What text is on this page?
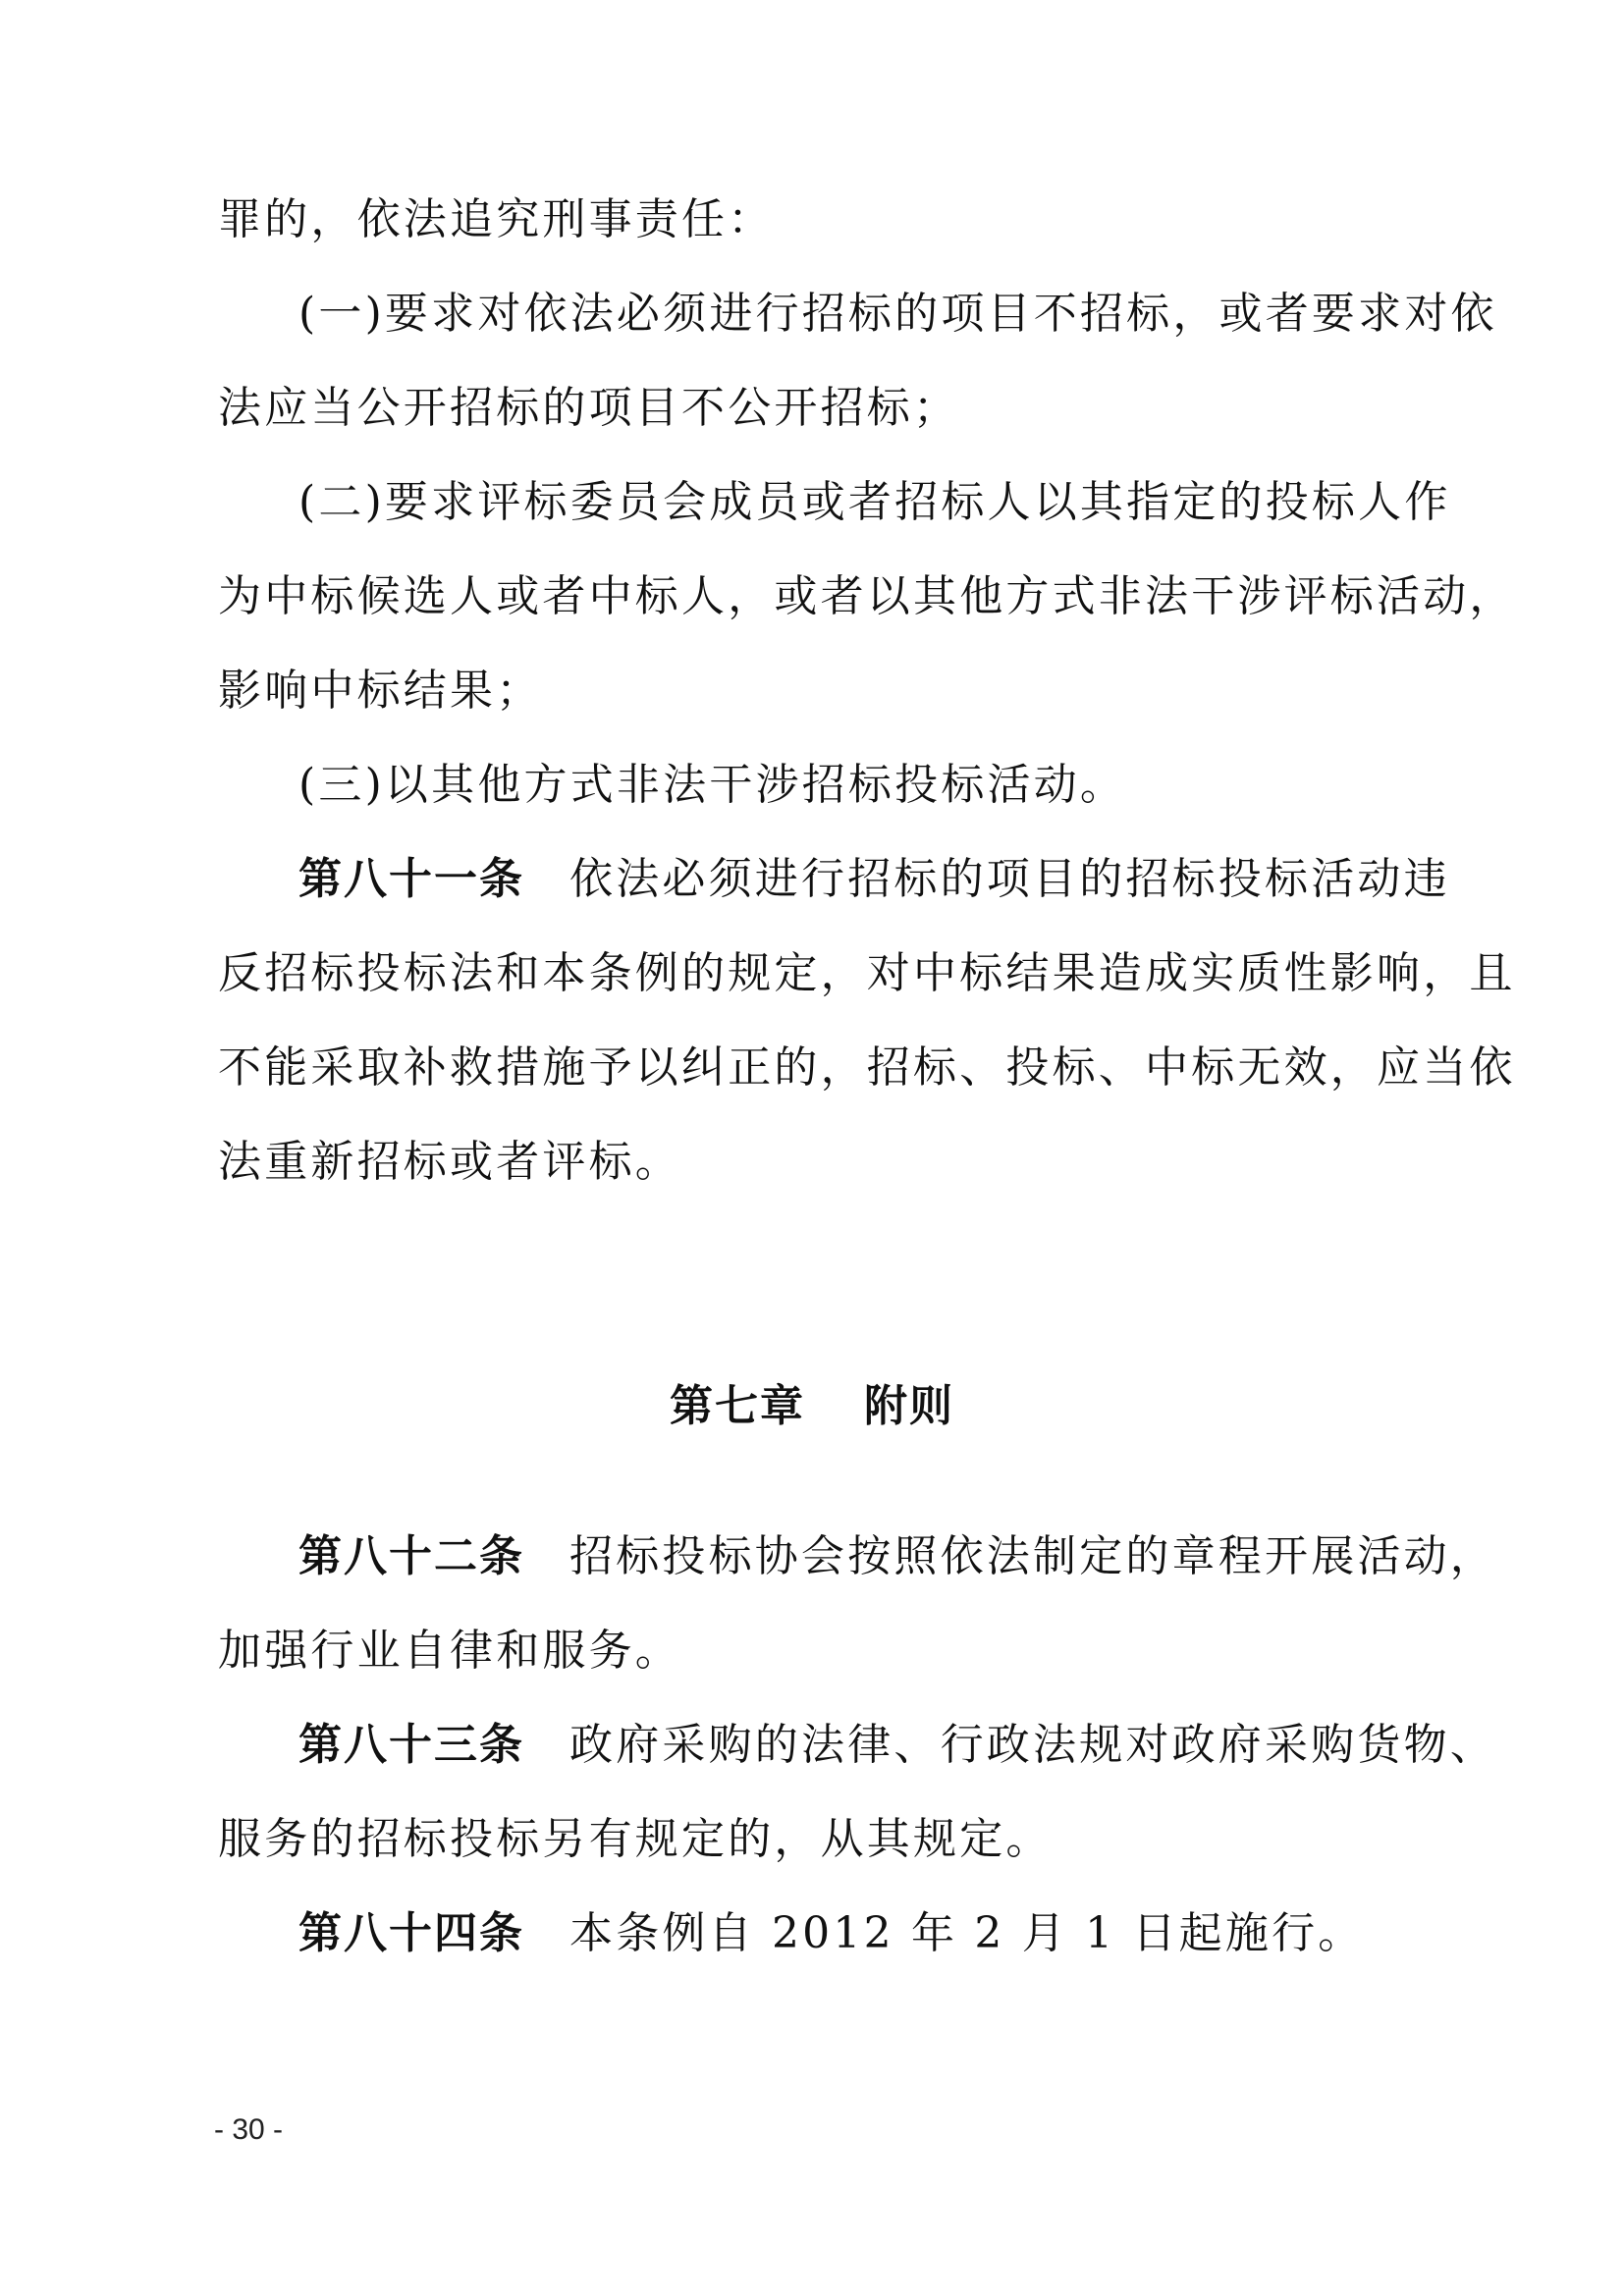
罪的，依法追究刑事责任：
(一)要求对依法必须进行招标的项目不招标，或者要求对依
法应当公开招标的项目不公开招标；
(二)要求评标委员会成员或者招标人以其指定的投标人作
为中标候选人或者中标人，或者以其他方式非法干涉评标活动，
影响中标结果；
(三)以其他方式非法干涉招标投标活动。
第八十一条 依法必须进行招标的项目的招标投标活动违
反招标投标法和本条例的规定，对中标结果造成实质性影响，且
不能采取补救措施予以纠正的，招标、投标、中标无效，应当依
法重新招标或者评标。
第七章 附则
第八十二条 招标投标协会按照依法制定的章程开展活动，
加强行业自律和服务。
第八十三条 政府采购的法律、行政法规对政府采购货物、
服务的招标投标另有规定的，从其规定。
第八十四条 本条例自 2012 年 2 月 1 日起施行。
- 30 -
